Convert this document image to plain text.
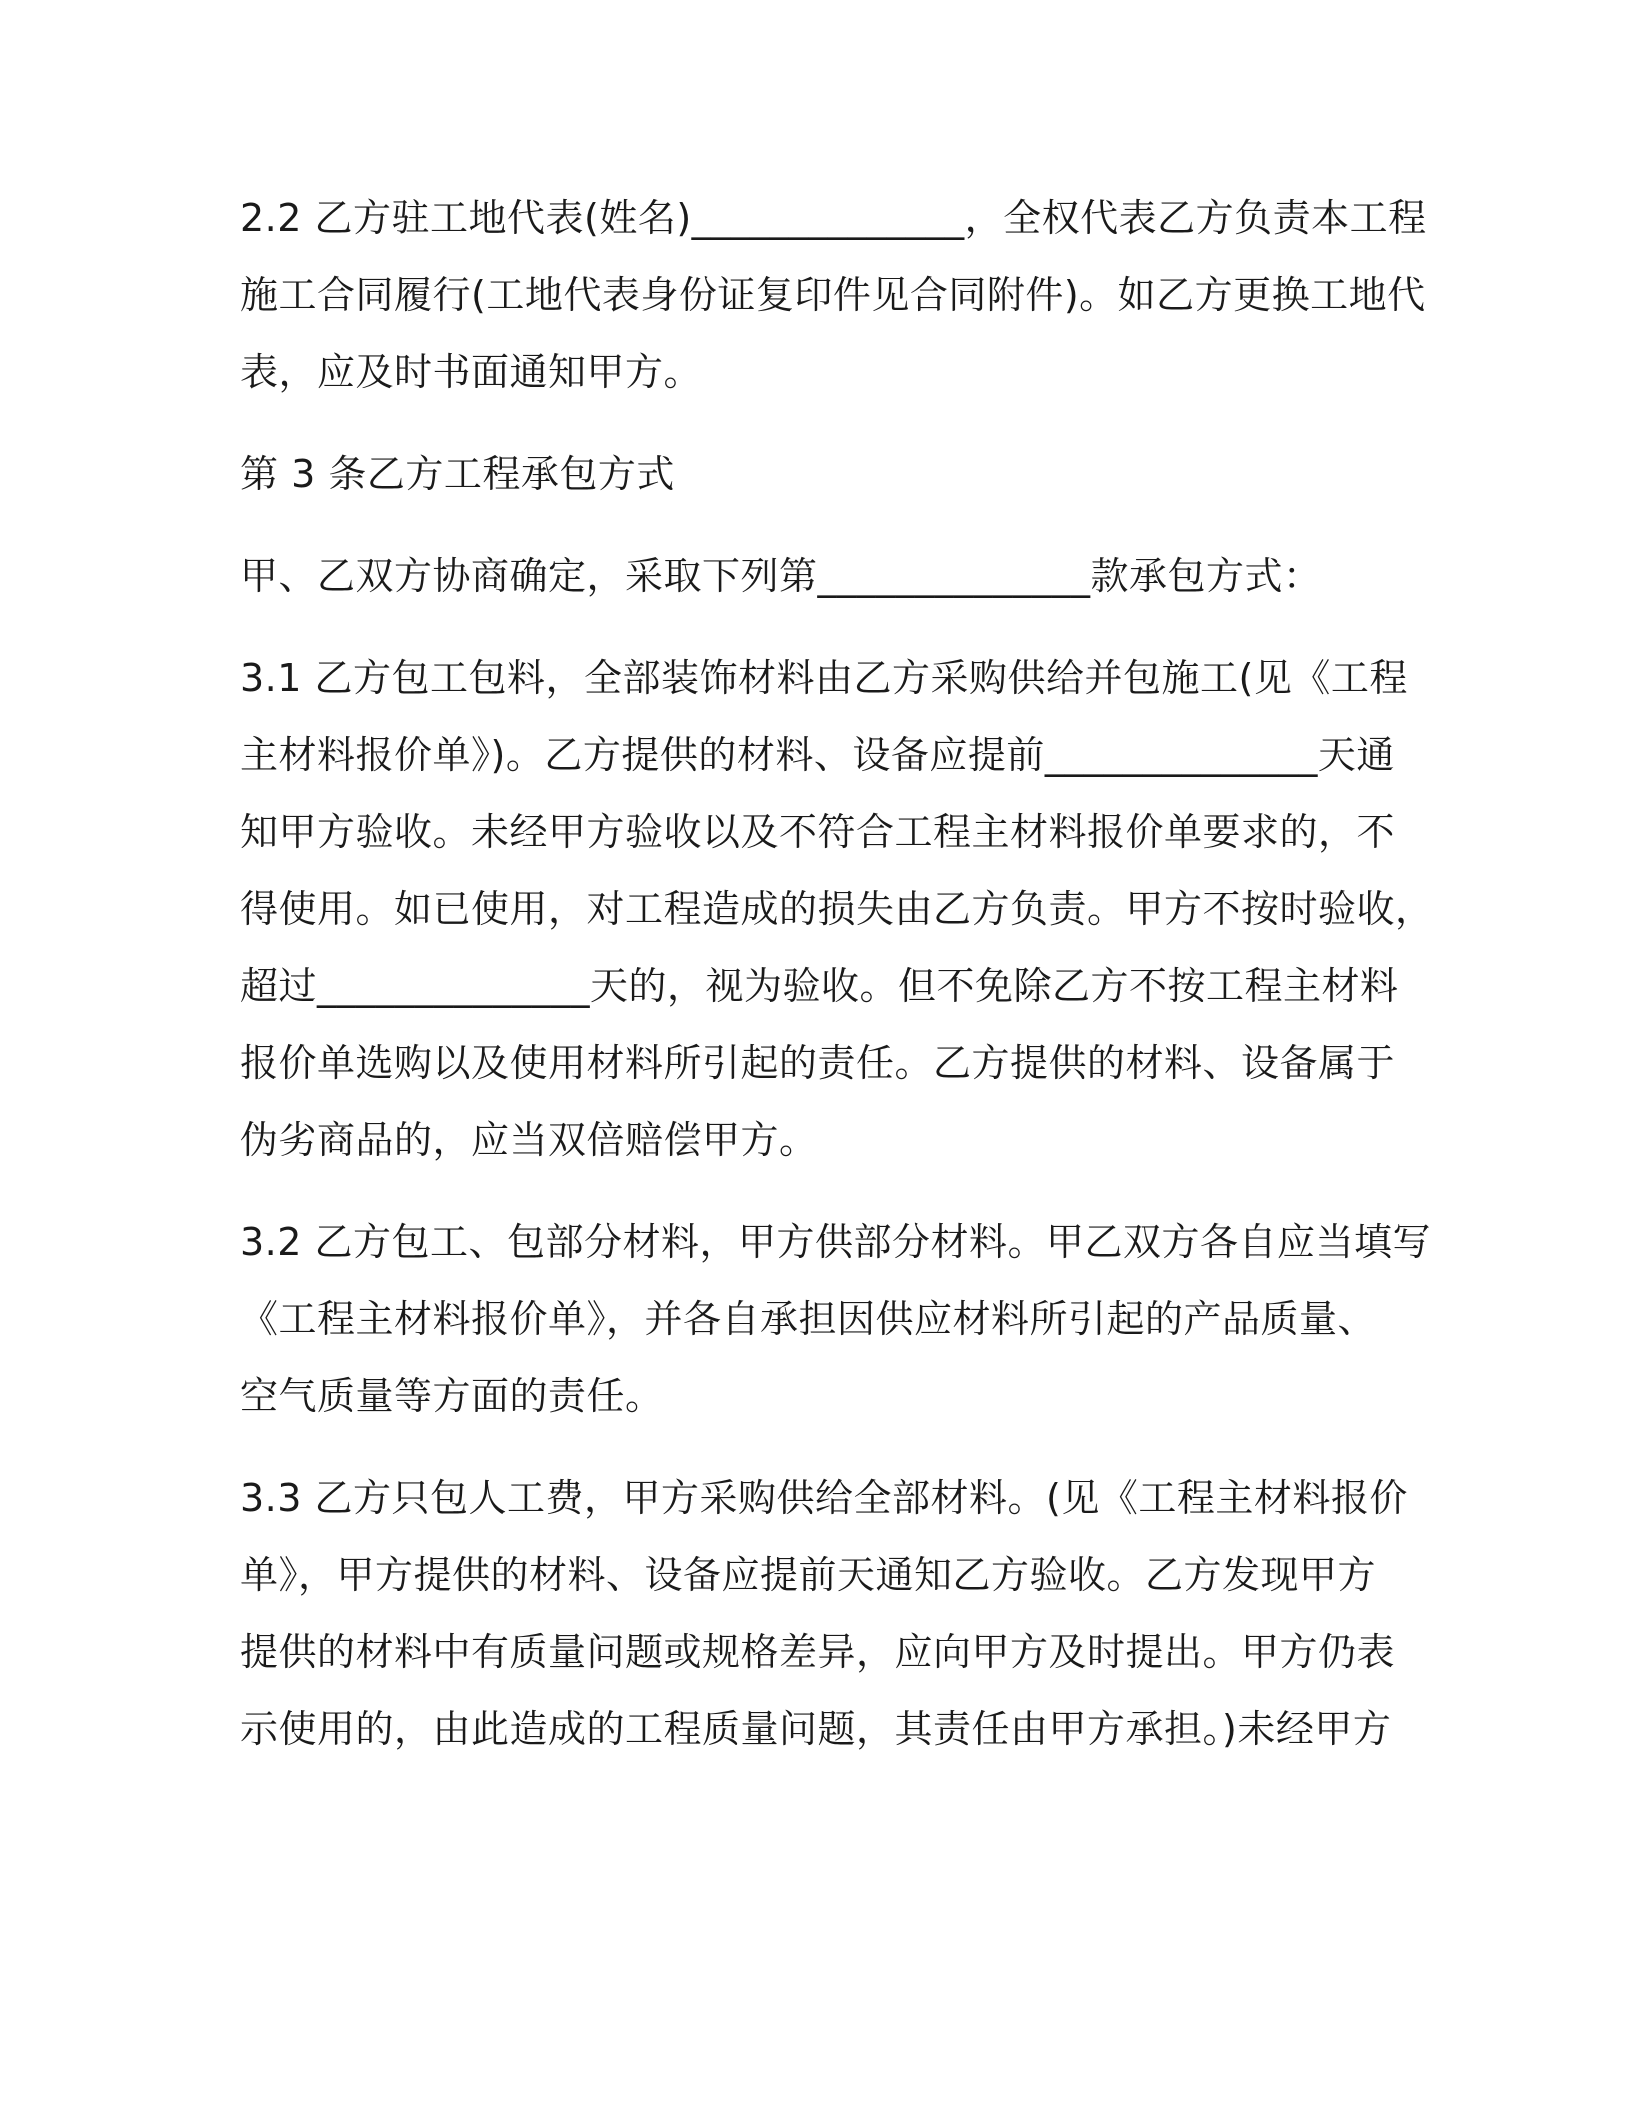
2.2 乙方驻工地代表(姓名)______________，全权代表乙方负责本工程
施工合同履行(工地代表身份证复印件见合同附件)。如乙方更换工地代
表，应及时书面通知甲方。
第 3 条乙方工程承包方式
甲、乙双方协商确定，采取下列第______________款承包方式：
3.1 乙方包工包料，全部装饰材料由乙方采购供给并包施工(见《工程
主材料报价单》)。乙方提供的材料、设备应提前______________天通
知甲方验收。未经甲方验收以及不符合工程主材料报价单要求的，不
得使用。如已使用，对工程造成的损失由乙方负责。甲方不按时验收，
超过______________天的，视为验收。但不免除乙方不按工程主材料
报价单选购以及使用材料所引起的责任。乙方提供的材料、设备属于
伪劣商品的，应当双倍赔偿甲方。
3.2 乙方包工、包部分材料，甲方供部分材料。甲乙双方各自应当填写
《工程主材料报价单》，并各自承担因供应材料所引起的产品质量、
空气质量等方面的责任。
3.3 乙方只包人工费，甲方采购供给全部材料。(见《工程主材料报价
单》，甲方提供的材料、设备应提前天通知乙方验收。乙方发现甲方
提供的材料中有质量问题或规格差异，应向甲方及时提出。甲方仍表
示使用的，由此造成的工程质量问题，其责任由甲方承担。)未经甲方
